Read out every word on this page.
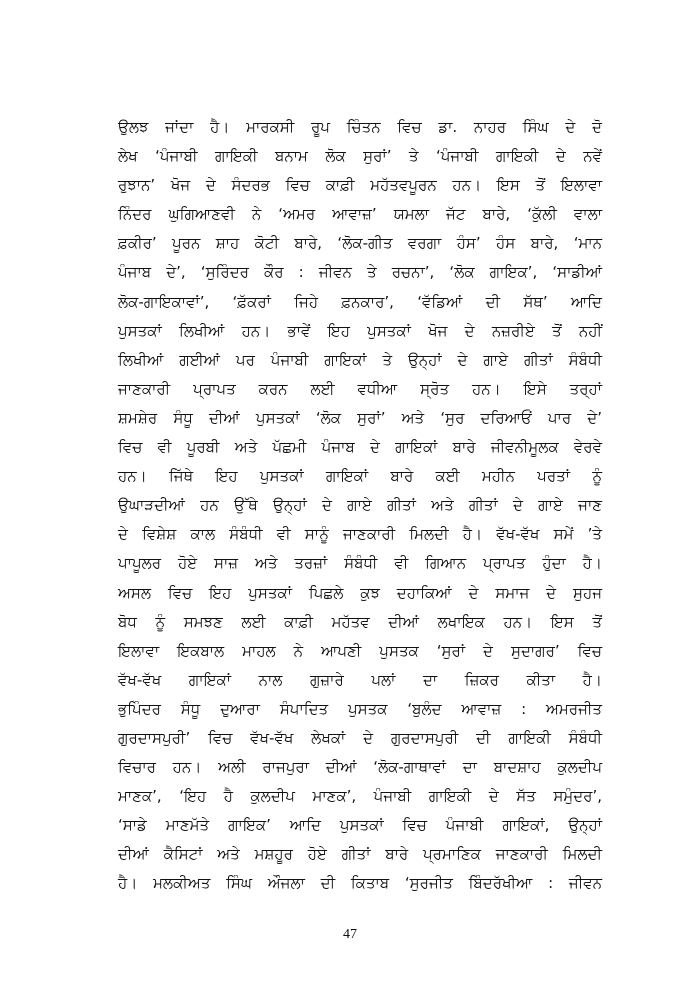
ਉਲਝ ਜਾਂਦਾ ਹੈ। ਮਾਰਕਸੀ ਰੂਪ ਚਿੰਤਨ ਵਿਚ ਡਾ. ਨਾਹਰ ਸਿੰਘ ਦੇ ਦੋ
ਲੇਖ ‘ਪੰਜਾਬੀ ਗਾਇਕੀ ਬਨਾਮ ਲੋਕ ਸੁਰਾਂ’ ਤੇ ‘ਪੰਜਾਬੀ ਗਾਇਕੀ ਦੇ ਨਵੇਂ
ਰੁਝਾਨ’ ਖੋਜ ਦੇ ਸੰਦਰਭ ਵਿਚ ਕਾਫ਼ੀ ਮਹੱਤਵਪੂਰਨ ਹਨ। ਇਸ ਤੋਂ ਇਲਾਵਾ
ਨਿੰਦਰ ਘੁਗਿਆਣਵੀ ਨੇ ‘ਅਮਰ ਆਵਾਜ਼’ ਯਮਲਾ ਜੱਟ ਬਾਰੇ, ‘ਕੁੱਲੀ ਵਾਲਾ
ਫ਼ਕੀਰ’ ਪੂਰਨ ਸ਼ਾਹ ਕੋਟੀ ਬਾਰੇ, ‘ਲੋਕ-ਗੀਤ ਵਰਗਾ ਹੰਸ’ ਹੰਸ ਬਾਰੇ, ‘ਮਾਨ
ਪੰਜਾਬ ਦੇ’, ‘ਸੁਰਿੰਦਰ ਕੌਰ : ਜੀਵਨ ਤੇ ਰਚਨਾ’, ‘ਲੋਕ ਗਾਇਕ’, ‘ਸਾਡੀਆਂ
ਲੋਕ-ਗਾਇਕਾਵਾਂ’, ‘ਫ਼ੱਕਰਾਂ ਜਿਹੇ ਫ਼ਨਕਾਰ’, ‘ਵੱਡਿਆਂ ਦੀ ਸੱਥ’ ਆਦਿ
ਪੁਸਤਕਾਂ ਲਿਖੀਆਂ ਹਨ। ਭਾਵੇਂ ਇਹ ਪੁਸਤਕਾਂ ਖੋਜ ਦੇ ਨਜ਼ਰੀਏ ਤੋਂ ਨਹੀਂ
ਲਿਖੀਆਂ ਗਈਆਂ ਪਰ ਪੰਜਾਬੀ ਗਾਇਕਾਂ ਤੇ ਉਨ੍ਹਾਂ ਦੇ ਗਾਏ ਗੀਤਾਂ ਸੰਬੰਧੀ
ਜਾਣਕਾਰੀ ਪ੍ਰਾਪਤ ਕਰਨ ਲਈ ਵਧੀਆ ਸ੍ਰੋਤ ਹਨ। ਇਸੇ ਤਰ੍ਹਾਂ
ਸ਼ਮਸ਼ੇਰ ਸੰਧੂ ਦੀਆਂ ਪੁਸਤਕਾਂ ‘ਲੋਕ ਸੁਰਾਂ’ ਅਤੇ ‘ਸੁਰ ਦਰਿਆਓਂ ਪਾਰ ਦੇ’
ਵਿਚ ਵੀ ਪੂਰਬੀ ਅਤੇ ਪੱਛਮੀ ਪੰਜਾਬ ਦੇ ਗਾਇਕਾਂ ਬਾਰੇ ਜੀਵਨੀਮੂਲਕ ਵੇਰਵੇ
ਹਨ। ਜਿੱਥੇ ਇਹ ਪੁਸਤਕਾਂ ਗਾਇਕਾਂ ਬਾਰੇ ਕਈ ਮਹੀਨ ਪਰਤਾਂ ਨੂੰ
ਉਘਾੜਦੀਆਂ ਹਨ ਉੱਥੇ ਉਨ੍ਹਾਂ ਦੇ ਗਾਏ ਗੀਤਾਂ ਅਤੇ ਗੀਤਾਂ ਦੇ ਗਾਏ ਜਾਣ
ਦੇ ਵਿਸ਼ੇਸ਼ ਕਾਲ ਸੰਬੰਧੀ ਵੀ ਸਾਨੂੰ ਜਾਣਕਾਰੀ ਮਿਲਦੀ ਹੈ। ਵੱਖ-ਵੱਖ ਸਮੇਂ ’ਤੇ
ਪਾਪੂਲਰ ਹੋਏ ਸਾਜ਼ ਅਤੇ ਤਰਜ਼ਾਂ ਸੰਬੰਧੀ ਵੀ ਗਿਆਨ ਪ੍ਰਾਪਤ ਹੁੰਦਾ ਹੈ।
ਅਸਲ ਵਿਚ ਇਹ ਪੁਸਤਕਾਂ ਪਿਛਲੇ ਕੁਝ ਦਹਾਕਿਆਂ ਦੇ ਸਮਾਜ ਦੇ ਸੁਹਜ
ਬੋਧ ਨੂੰ ਸਮਝਣ ਲਈ ਕਾਫ਼ੀ ਮਹੱਤਵ ਦੀਆਂ ਲਖਾਇਕ ਹਨ। ਇਸ ਤੋਂ
ਇਲਾਵਾ ਇਕਬਾਲ ਮਾਹਲ ਨੇ ਆਪਣੀ ਪੁਸਤਕ ‘ਸੁਰਾਂ ਦੇ ਸੁਦਾਗਰ’ ਵਿਚ
ਵੱਖ-ਵੱਖ ਗਾਇਕਾਂ ਨਾਲ ਗੁਜ਼ਾਰੇ ਪਲਾਂ ਦਾ ਜ਼ਿਕਰ ਕੀਤਾ ਹੈ।
ਭੁਪਿੰਦਰ ਸੰਧੂ ਦੁਆਰਾ ਸੰਪਾਦਿਤ ਪੁਸਤਕ ‘ਬੁਲੰਦ ਆਵਾਜ਼ : ਅਮਰਜੀਤ
ਗੁਰਦਾਸਪੁਰੀ’ ਵਿਚ ਵੱਖ-ਵੱਖ ਲੇਖਕਾਂ ਦੇ ਗੁਰਦਾਸਪੁਰੀ ਦੀ ਗਾਇਕੀ ਸੰਬੰਧੀ
ਵਿਚਾਰ ਹਨ। ਅਲੀ ਰਾਜਪੁਰਾ ਦੀਆਂ ‘ਲੋਕ-ਗਾਥਾਵਾਂ ਦਾ ਬਾਦਸ਼ਾਹ ਕੁਲਦੀਪ
ਮਾਣਕ’, ‘ਇਹ ਹੈ ਕੁਲਦੀਪ ਮਾਣਕ’, ਪੰਜਾਬੀ ਗਾਇਕੀ ਦੇ ਸੱਤ ਸਮੁੰਦਰ’,
‘ਸਾਡੇ ਮਾਣਮੱਤੇ ਗਾਇਕ’ ਆਦਿ ਪੁਸਤਕਾਂ ਵਿਚ ਪੰਜਾਬੀ ਗਾਇਕਾਂ, ਉਨ੍ਹਾਂ
ਦੀਆਂ ਕੈਸਿਟਾਂ ਅਤੇ ਮਸ਼ਹੂਰ ਹੋਏ ਗੀਤਾਂ ਬਾਰੇ ਪ੍ਰਮਾਣਿਕ ਜਾਣਕਾਰੀ ਮਿਲਦੀ
ਹੈ। ਮਲਕੀਅਤ ਸਿੰਘ ਔਜਲਾ ਦੀ ਕਿਤਾਬ ‘ਸੁਰਜੀਤ ਬਿੰਦਰੱਖੀਆ : ਜੀਵਨ
47
